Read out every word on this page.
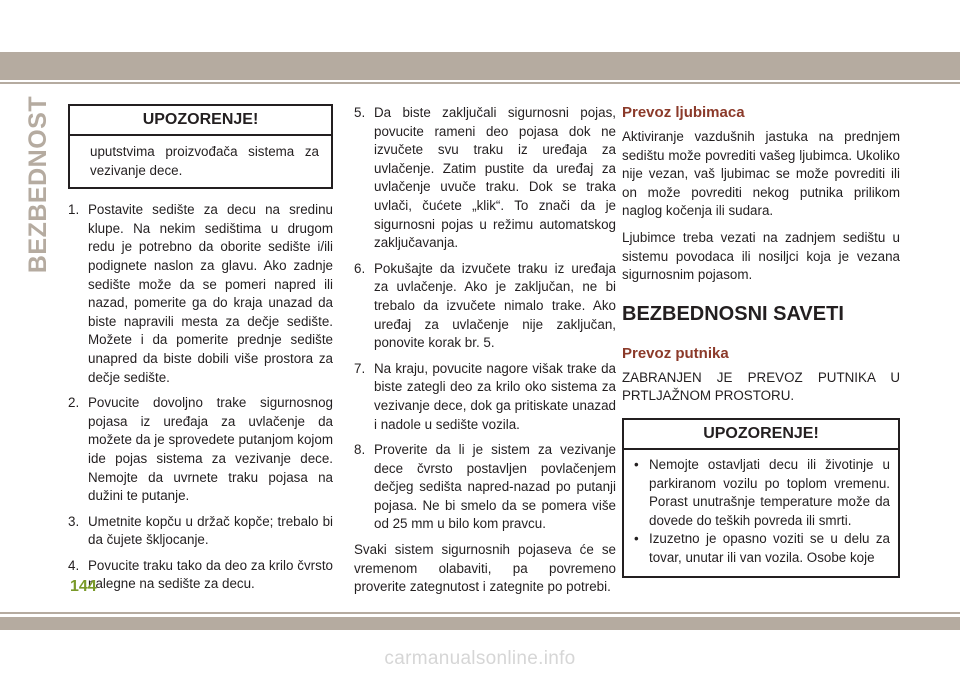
BEZBEDNOST	UPOZORENJE!

uputstvima proizvođača sistema za vezivanje dece.

1. Postavite sedište za decu na sredinu klupe. Na nekim sedištima u drugom redu je potrebno da oborite sedište i/ili podignete naslon za glavu. Ako zadnje sedište može da se pomeri napred ili nazad, pomerite ga do kraja unazad da biste napravili mesta za dečje sedište. Možete i da pomerite prednje sedište unapred da biste dobili više prostora za dečje sedište.
2. Povucite dovoljno trake sigurnosnog pojasa iz uređaja za uvlačenje da možete da je sprovedete putanjom kojom ide pojas sistema za vezivanje dece. Nemojte da uvrnete traku pojasa na dužini te putanje.
3. Umetnite kopču u držač kopče; trebalo bi da čujete škljocanje.
4. Povucite traku tako da deo za krilo čvrsto nalegne na sedište za decu.
5. Da biste zaključali sigurnosni pojas, povucite rameni deo pojasa dok ne izvučete svu traku iz uređaja za uvlačenje. Zatim pustite da uređaj za uvlačenje uvuče traku. Dok se traka uvlači, čućete „klik“. To znači da je sigurnosni pojas u režimu automatskog zaključavanja.
6. Pokušajte da izvučete traku iz uređaja za uvlačenje. Ako je zaključan, ne bi trebalo da izvučete nimalo trake. Ako uređaj za uvlačenje nije zaključan, ponovite korak br. 5.
7. Na kraju, povucite nagore višak trake da biste zategli deo za krilo oko sistema za vezivanje dece, dok ga pritiskate unazad i nadole u sedište vozila.
8. Proverite da li je sistem za vezivanje dece čvrsto postavljen povlačenjem dečjeg sedišta napred-nazad po putanji pojasa. Ne bi smelo da se pomera više od 25 mm u bilo kom pravcu.

Svaki sistem sigurnosnih pojaseva će se vremenom olabaviti, pa povremeno proverite zategnutost i zategnite po potrebi.

Prevoz ljubimaca

Aktiviranje vazdušnih jastuka na prednjem sedištu može povrediti vašeg ljubimca. Ukoliko nije vezan, vaš ljubimac se može povrediti ili on može povrediti nekog putnika prilikom naglog kočenja ili sudara.

Ljubimce treba vezati na zadnjem sedištu u sistemu povodaca ili nosiljci koja je vezana sigurnosnim pojasom.

BEZBEDNOSNI SAVETI
Prevoz putnika

ZABRANJEN JE PREVOZ PUTNIKA U PRTLJAŽNOM PROSTORU.

UPOZORENJE!
• Nemojte ostavljati decu ili životinje u parkiranom vozilu po toplom vremenu. Porast unutrašnje temperature može da dovede do teških povreda ili smrti.
• Izuzetno je opasno voziti se u delu za tovar, unutar ili van vozila. Osobe koje
144
carmanualsonline.info
